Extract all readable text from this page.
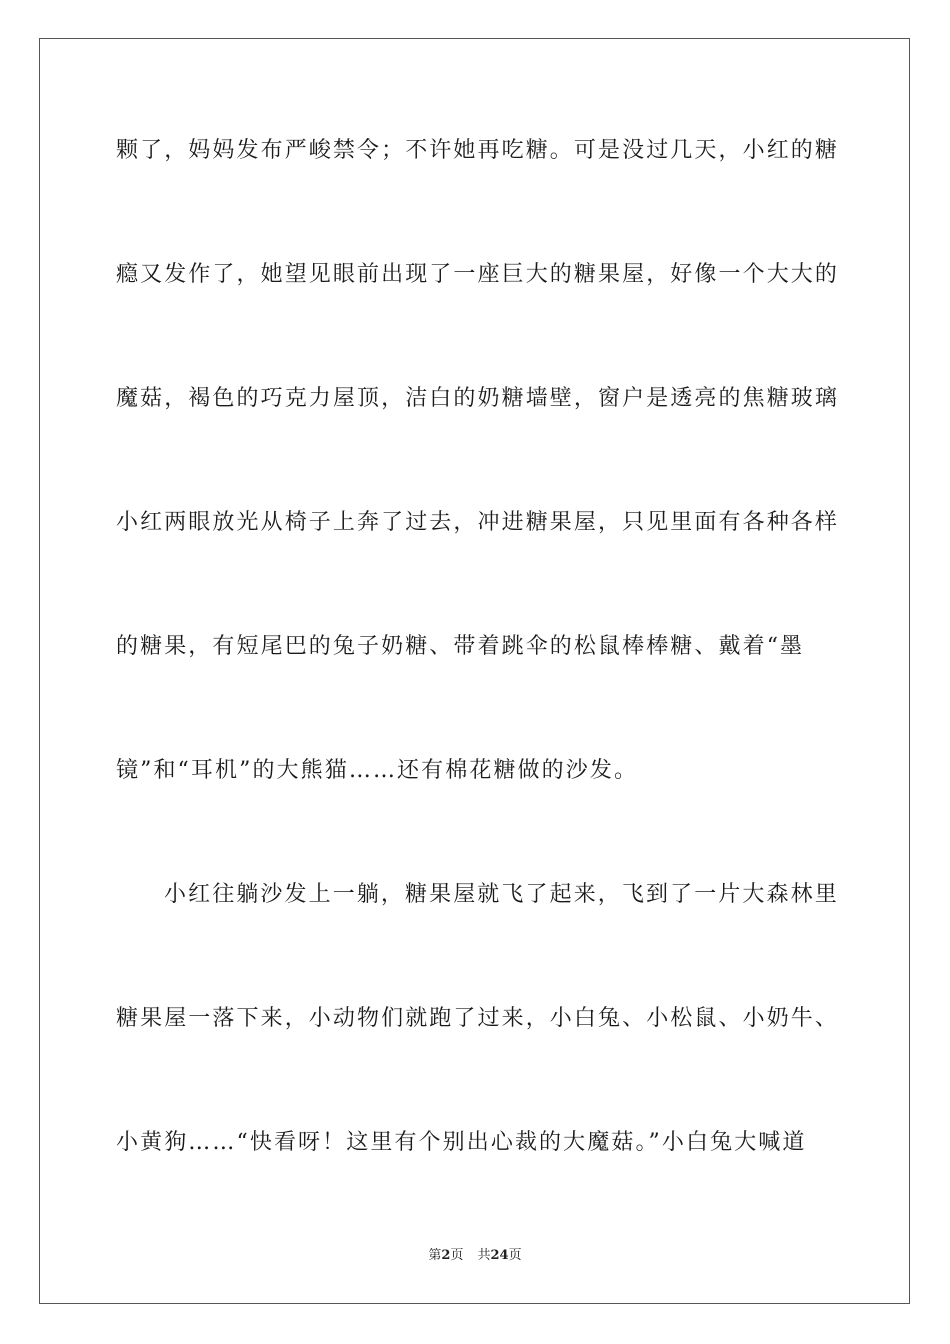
颗了，妈妈发布严峻禁令；不许她再吃糖。可是没过几天，小红的糖
瘾又发作了，她望见眼前出现了一座巨大的糖果屋，好像一个大大的
魔菇，褐色的巧克力屋顶，洁白的奶糖墙壁，窗户是透亮的焦糖玻璃
小红两眼放光从椅子上奔了过去，冲进糖果屋，只见里面有各种各样
的糖果，有短尾巴的兔子奶糖、带着跳伞的松鼠棒棒糖、戴着“墨
镜”和“耳机”的大熊猫……还有棉花糖做的沙发。
小红往躺沙发上一躺，糖果屋就飞了起来，飞到了一片大森林里
糖果屋一落下来，小动物们就跑了过来，小白兔、小松鼠、小奶牛、
小黄狗……“快看呀！这里有个别出心裁的大魔菇。”小白兔大喊道
第2页 共24页
